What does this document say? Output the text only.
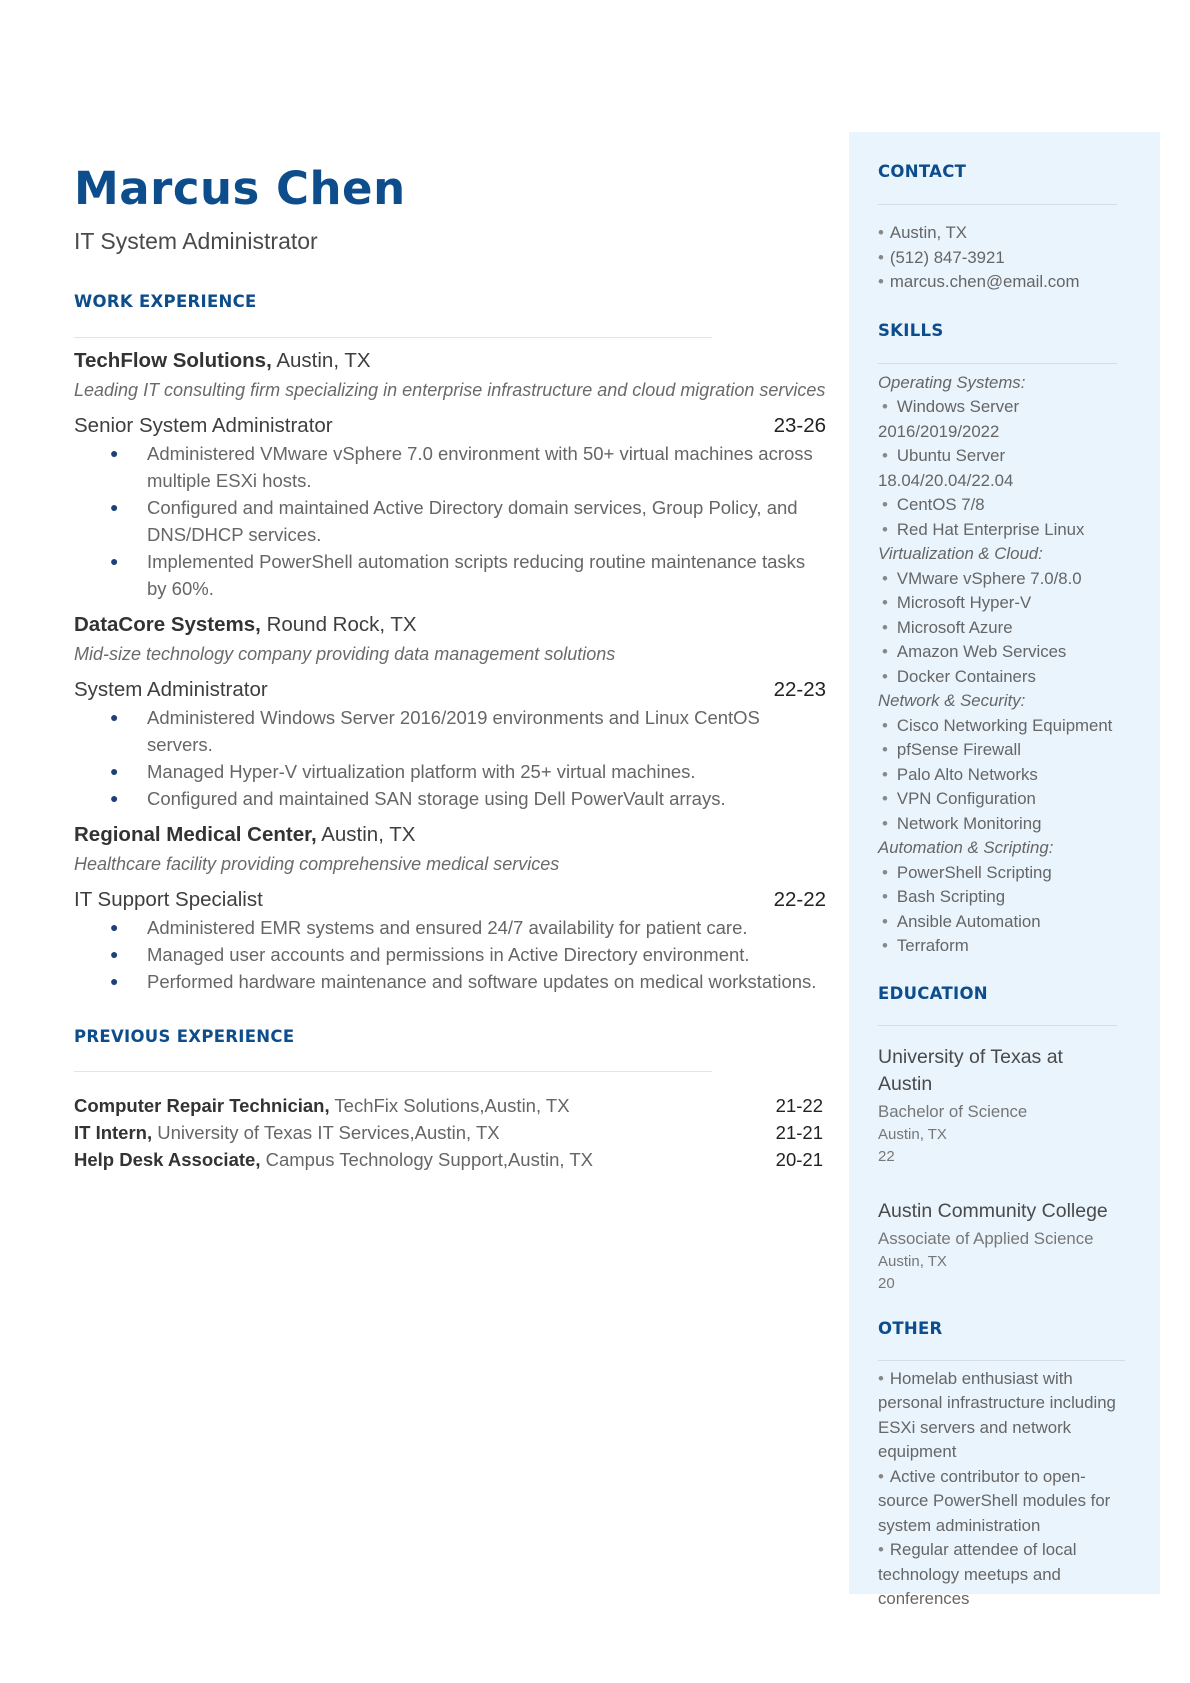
Marcus Chen
IT System Administrator
WORK EXPERIENCE
TechFlow Solutions, Austin, TX
Leading IT consulting firm specializing in enterprise infrastructure and cloud migration services
Senior System Administrator	23-26
● Administered VMware vSphere 7.0 environment with 50+ virtual machines across multiple ESXi hosts.
● Configured and maintained Active Directory domain services, Group Policy, and DNS/DHCP services.
● Implemented PowerShell automation scripts reducing routine maintenance tasks by 60%.
DataCore Systems, Round Rock, TX
Mid-size technology company providing data management solutions
System Administrator	22-23
● Administered Windows Server 2016/2019 environments and Linux CentOS servers.
● Managed Hyper-V virtualization platform with 25+ virtual machines.
● Configured and maintained SAN storage using Dell PowerVault arrays.
Regional Medical Center, Austin, TX
Healthcare facility providing comprehensive medical services
IT Support Specialist	22-22
● Administered EMR systems and ensured 24/7 availability for patient care.
● Managed user accounts and permissions in Active Directory environment.
● Performed hardware maintenance and software updates on medical workstations.
PREVIOUS EXPERIENCE
Computer Repair Technician, TechFix Solutions,Austin, TX	21-22
IT Intern, University of Texas IT Services,Austin, TX	21-21
Help Desk Associate, Campus Technology Support,Austin, TX	20-21
CONTACT
• Austin, TX
• (512) 847-3921
• marcus.chen@email.com
SKILLS
Operating Systems:
• Windows Server 2016/2019/2022
• Ubuntu Server 18.04/20.04/22.04
• CentOS 7/8
• Red Hat Enterprise Linux
Virtualization & Cloud:
• VMware vSphere 7.0/8.0
• Microsoft Hyper-V
• Microsoft Azure
• Amazon Web Services
• Docker Containers
Network & Security:
• Cisco Networking Equipment
• pfSense Firewall
• Palo Alto Networks
• VPN Configuration
• Network Monitoring
Automation & Scripting:
• PowerShell Scripting
• Bash Scripting
• Ansible Automation
• Terraform
EDUCATION
University of Texas at Austin
Bachelor of Science
Austin, TX
22
Austin Community College
Associate of Applied Science
Austin, TX
20
OTHER
• Homelab enthusiast with personal infrastructure including ESXi servers and network equipment
• Active contributor to open-source PowerShell modules for system administration
• Regular attendee of local technology meetups and conferences
